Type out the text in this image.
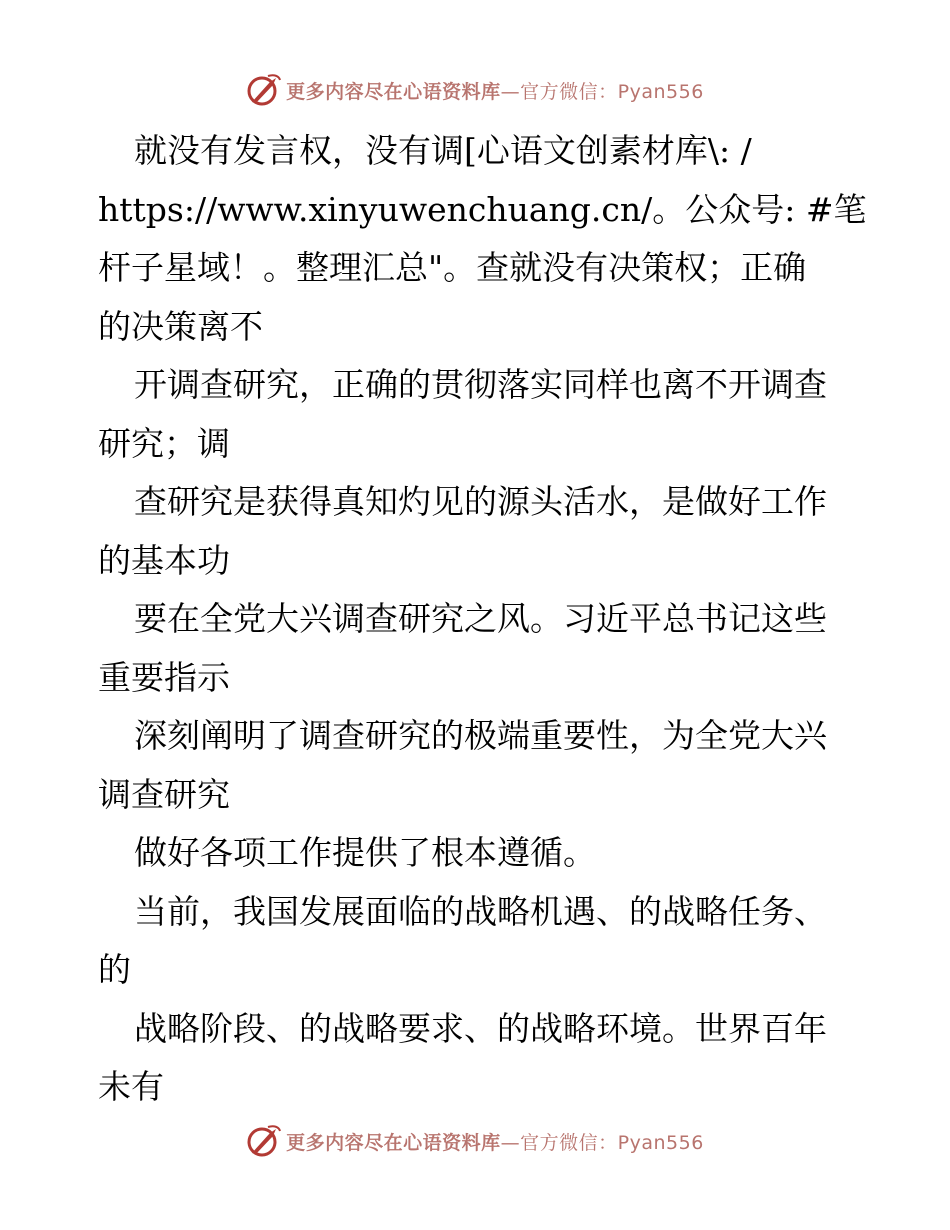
更多内容尽在心语资料库—官方微信：Pyan556
就没有发言权，没有调[心语文创素材库\: /
https://www.xinyuwenchuang.cn/。公众号: #笔
杆子星域！。整理汇总"。查就没有决策权；正确
的决策离不
开调查研究，正确的贯彻落实同样也离不开调查
研究；调
查研究是获得真知灼见的源头活水，是做好工作
的基本功
要在全党大兴调查研究之风。习近平总书记这些
重要指示
深刻阐明了调查研究的极端重要性，为全党大兴
调查研究
做好各项工作提供了根本遵循。
当前，我国发展面临的战略机遇、的战略任务、
的
战略阶段、的战略要求、的战略环境。世界百年
未有
更多内容尽在心语资料库—官方微信：Pyan556
